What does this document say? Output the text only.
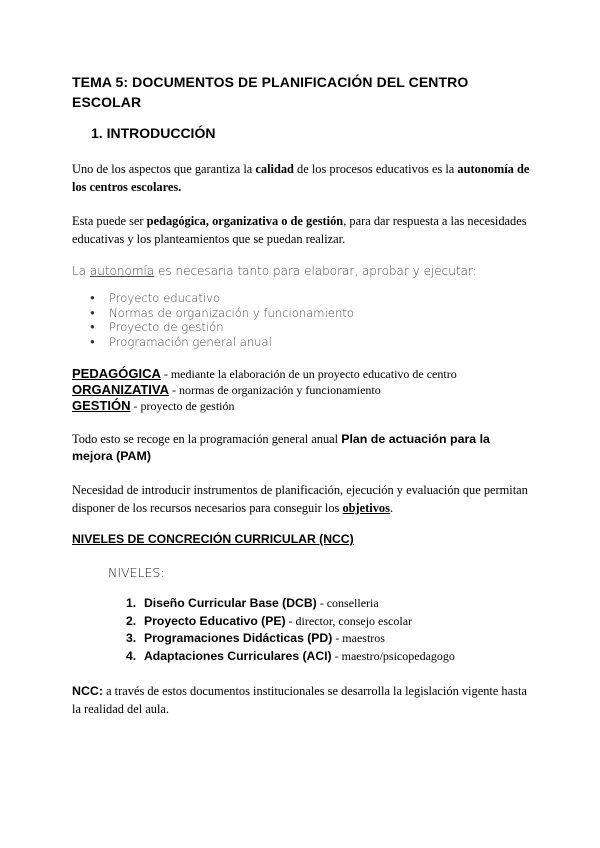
TEMA 5: DOCUMENTOS DE PLANIFICACIÓN DEL CENTRO ESCOLAR
1. INTRODUCCIÓN
Uno de los aspectos que garantiza la calidad de los procesos educativos es la autonomía de los centros escolares.
Esta puede ser pedagógica, organizativa o de gestión, para dar respuesta a las necesidades educativas y los planteamientos que se puedan realizar.
La autonomía es necesaria tanto para elaborar, aprobar y ejecutar:
● Proyecto educativo
● Normas de organización y funcionamiento
● Proyecto de gestión
● Programación general anual
PEDAGÓGICA - mediante la elaboración de un proyecto educativo de centro
ORGANIZATIVA - normas de organización y funcionamiento
GESTIÓN - proyecto de gestión
Todo esto se recoge en la programación general anual Plan de actuación para la mejora (PAM)
Necesidad de introducir instrumentos de planificación, ejecución y evaluación que permitan disponer de los recursos necesarios para conseguir los objetivos.
NIVELES DE CONCRECIÓN CURRICULAR (NCC)
NIVELES:
1. Diseño Curricular Base (DCB) - conselleria
2. Proyecto Educativo (PE) - director, consejo escolar
3. Programaciones Didácticas (PD) - maestros
4. Adaptaciones Curriculares (ACI) - maestro/psicopedagogo
NCC: a través de estos documentos institucionales se desarrolla la legislación vigente hasta la realidad del aula.
